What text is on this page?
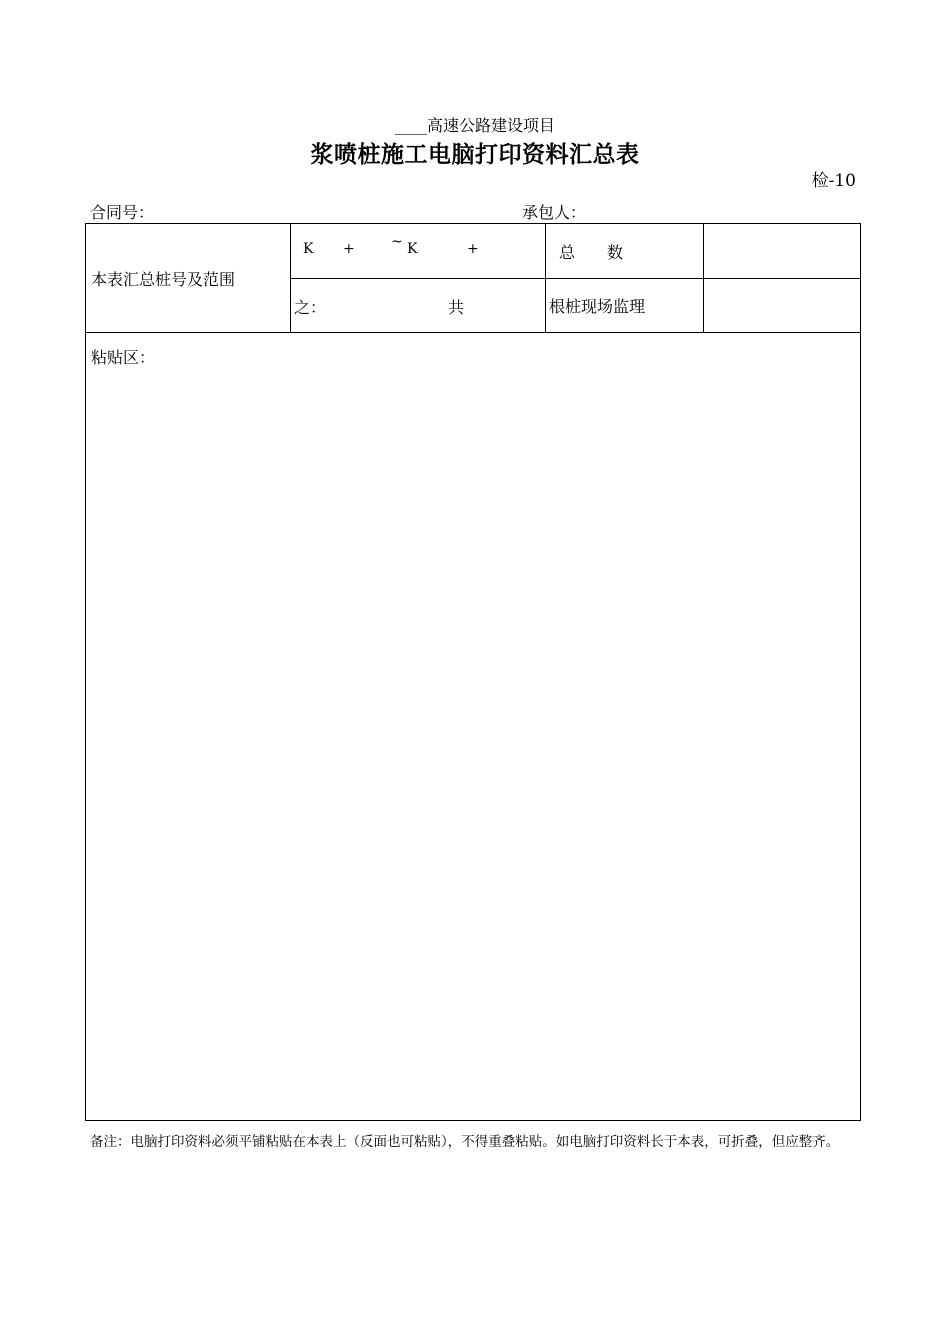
____高速公路建设项目
浆喷桩施工电脑打印资料汇总表
检-10
合同号：	承包人：
本表汇总桩号及范围	K + ~ K +	总　　数	

	之： 共	根桩现场监理	

粘贴区：			
备注：电脑打印资料必须平铺粘贴在本表上（反面也可粘贴），不得重叠粘贴。如电脑打印资料长于本表，可折叠，但应整齐。
